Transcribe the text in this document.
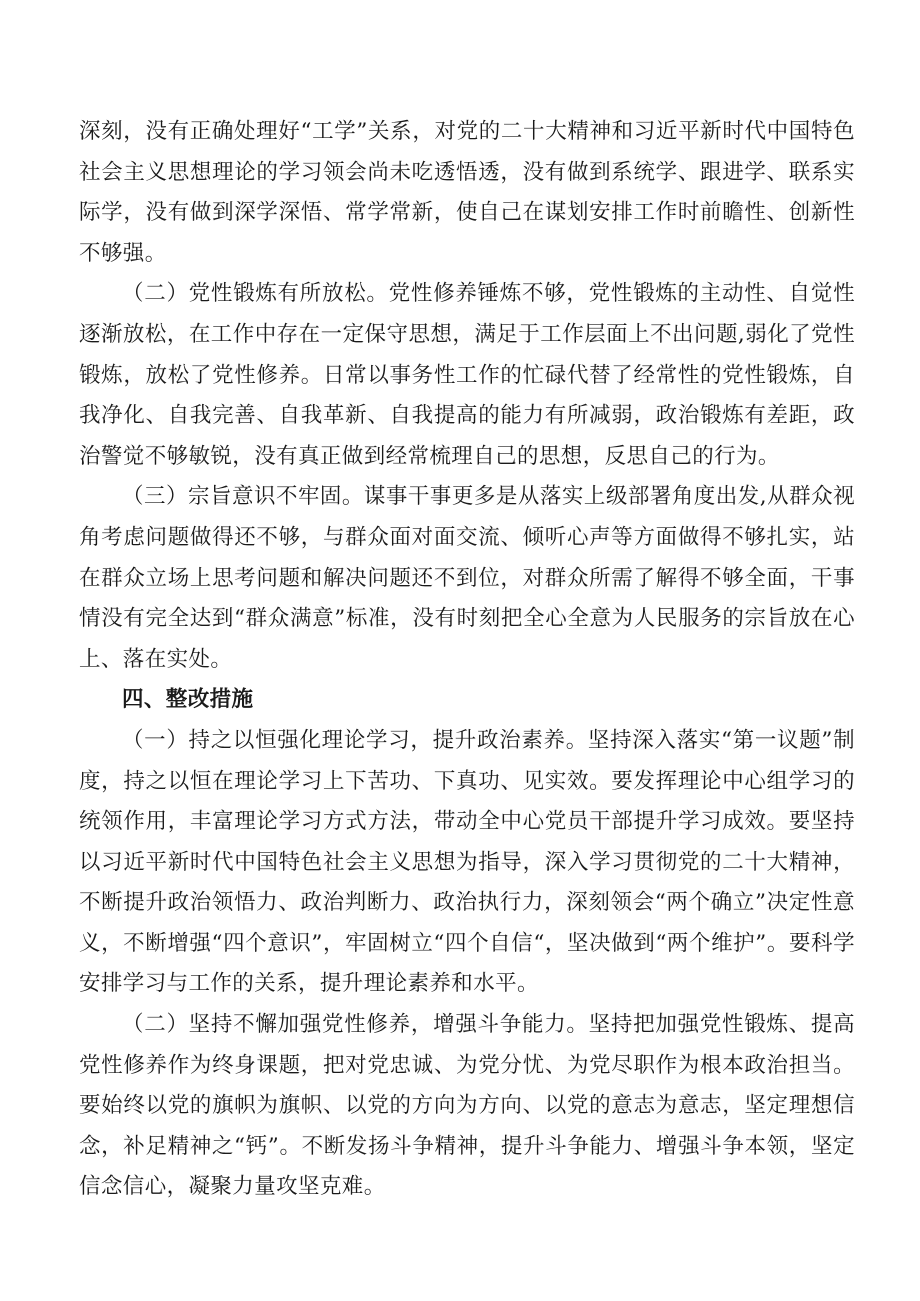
深刻，没有正确处理好“工学”关系，对党的二十大精神和习近平新时代中国特色社会主义思想理论的学习领会尚未吃透悟透，没有做到系统学、跟进学、联系实际学，没有做到深学深悟、常学常新，使自己在谋划安排工作时前瞻性、创新性不够强。

（二）党性锻炼有所放松。党性修养锤炼不够，党性锻炼的主动性、自觉性逐渐放松，在工作中存在一定保守思想，满足于工作层面上不出问题,弱化了党性锻炼，放松了党性修养。日常以事务性工作的忙碌代替了经常性的党性锻炼，自我净化、自我完善、自我革新、自我提高的能力有所减弱，政治锻炼有差距，政治警觉不够敏锐，没有真正做到经常梳理自己的思想，反思自己的行为。

（三）宗旨意识不牢固。谋事干事更多是从落实上级部署角度出发,从群众视角考虑问题做得还不够，与群众面对面交流、倾听心声等方面做得不够扎实，站在群众立场上思考问题和解决问题还不到位，对群众所需了解得不够全面，干事情没有完全达到“群众满意”标准，没有时刻把全心全意为人民服务的宗旨放在心上、落在实处。

四、整改措施

（一）持之以恒强化理论学习，提升政治素养。坚持深入落实“第一议题”制度，持之以恒在理论学习上下苦功、下真功、见实效。要发挥理论中心组学习的统领作用，丰富理论学习方式方法，带动全中心党员干部提升学习成效。要坚持以习近平新时代中国特色社会主义思想为指导，深入学习贯彻党的二十大精神，不断提升政治领悟力、政治判断力、政治执行力，深刻领会“两个确立”决定性意义，不断增强“四个意识”，牢固树立“四个自信“，坚决做到“两个维护”。要科学安排学习与工作的关系，提升理论素养和水平。

（二）坚持不懈加强党性修养，增强斗争能力。坚持把加强党性锻炼、提高党性修养作为终身课题，把对党忠诚、为党分忧、为党尽职作为根本政治担当。要始终以党的旗帜为旗帜、以党的方向为方向、以党的意志为意志，坚定理想信念，补足精神之“钙”。不断发扬斗争精神，提升斗争能力、增强斗争本领，坚定信念信心，凝聚力量攻坚克难。
